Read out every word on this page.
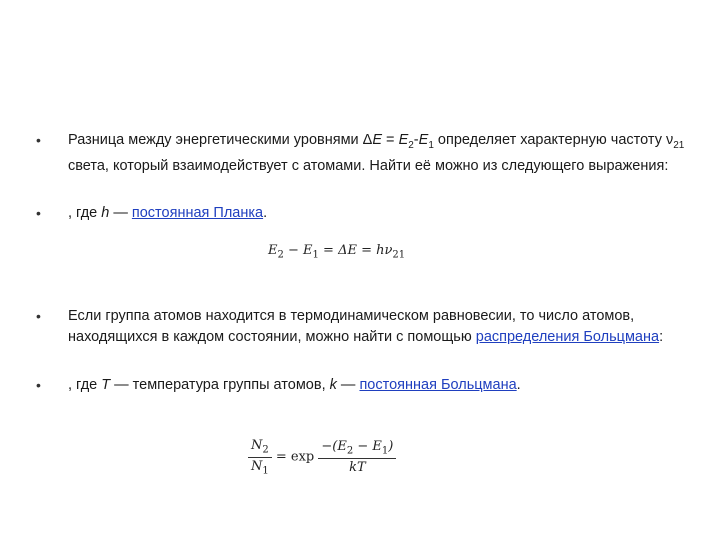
• Разница между энергетическими уровнями $\Delta E = E_2-E_1$ определяет характерную частоту $\nu_{21}$ света, который взаимодействует с атомами. Найти её можно из следующего выражения:
• , где h — постоянная Планка.
$E_2 - E_1 = \Delta E = h\nu_{21}$
• Если группа атомов находится в термодинамическом равновесии, то число атомов, находящихся в каждом состоянии, можно найти с помощью распределения Больцмана:
• , где T — температура группы атомов, k — постоянная Больцмана.
$\frac{N_2}{N_1} = \exp \frac{-(E_2 - E_1)}{kT}$
